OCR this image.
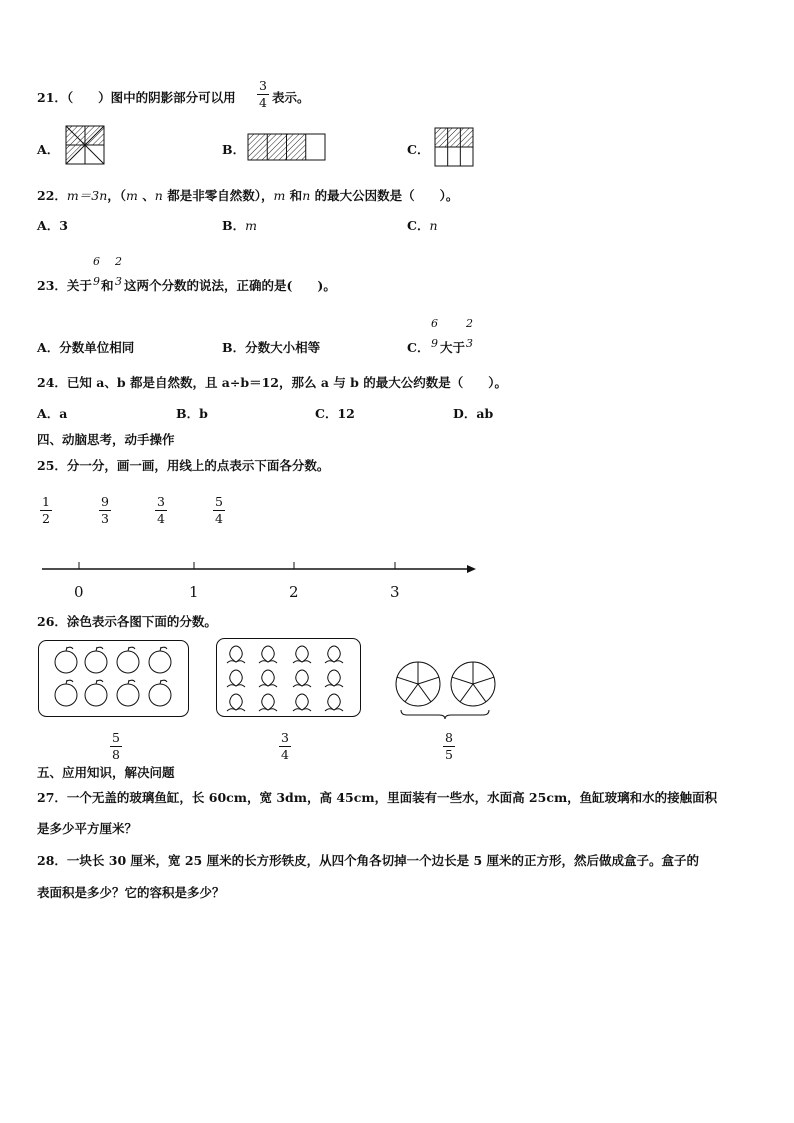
21．（　　）图中的阴影部分可以用
3
4 表示。
A．	B．	C．
22．m＝3n，（m 、n 都是非零自然数），m 和n 的最大公因数是（　　）。
A．3	B．m	C．n
23．关于
6
9 和
2
3 这两个分数的说法，正确的是(　　)。
A．分数单位相同	B．分数大小相等	C．
6
9 大于
2
3
24．已知 a、b 都是自然数，且 a÷b＝12，那么 a 与 b 的最大公约数是（　　）。
A．a	B．b	C．12	D．ab
四、动脑思考，动手操作
25．分一分，画一画，用线上的点表示下面各分数。
1
2
9
3
3
4
5
4
0	1	2	3
26．涂色表示各图下面的分数。
5
8
3
4
8
5
五、应用知识，解决问题
27．一个无盖的玻璃鱼缸，长 60cm，宽 3dm，高 45cm，里面装有一些水，水面高 25cm，鱼缸玻璃和水的接触面积
是多少平方厘米？
28．一块长 30 厘米，宽 25 厘米的长方形铁皮，从四个角各切掉一个边长是 5 厘米的正方形，然后做成盒子。盒子的
表面积是多少？它的容积是多少？
